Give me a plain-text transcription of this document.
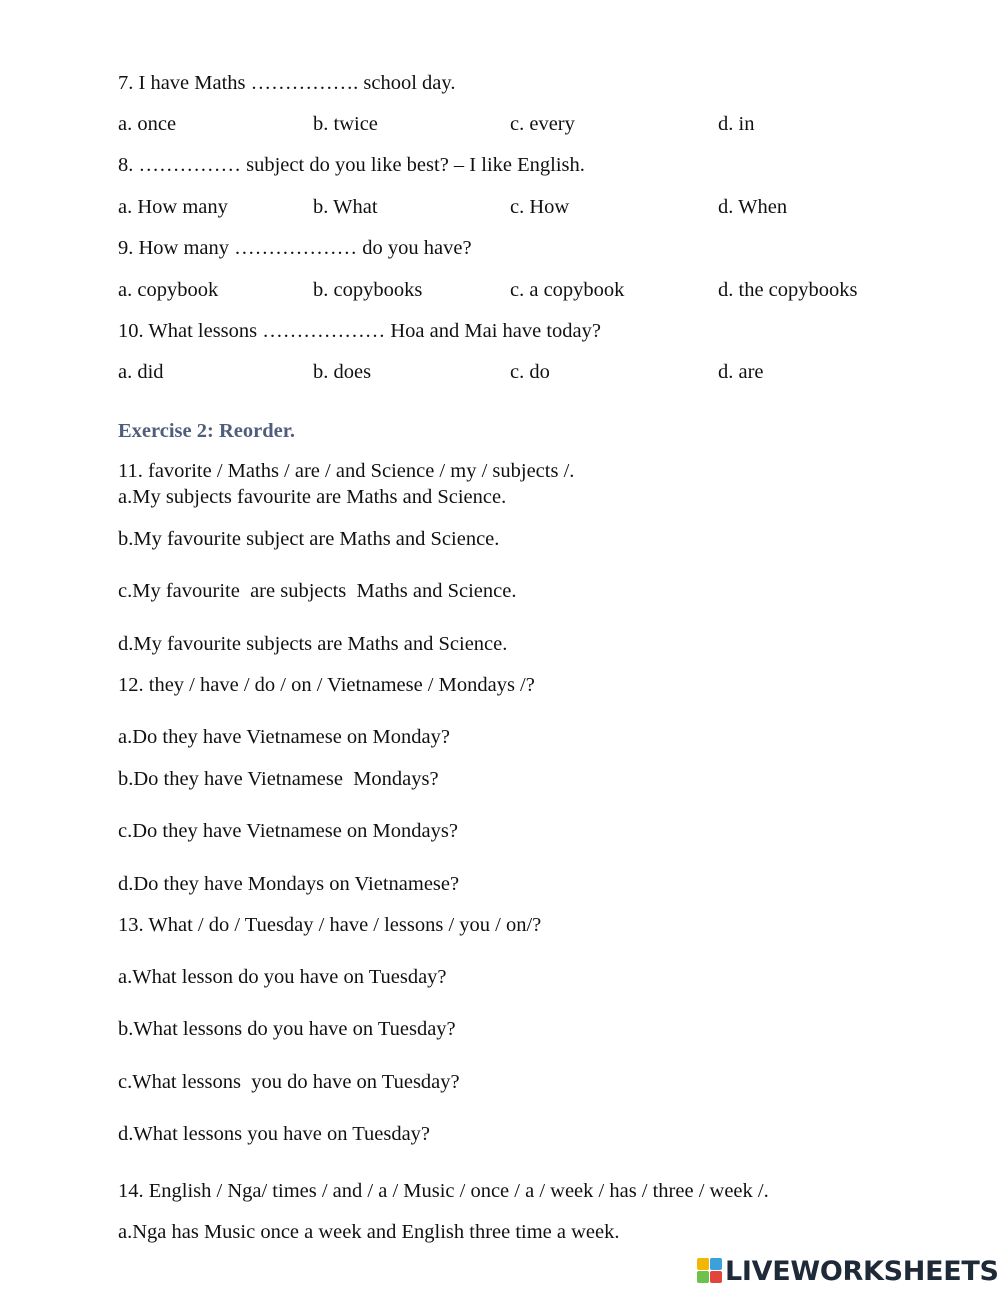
7. I have Maths ……………. school day.
a. once	b. twice	c. every	d. in
8. …………… subject do you like best? – I like English.
a. How many	b. What	c. How	d. When
9. How many ……………… do you have?
a. copybook	b. copybooks	c. a copybook	d. the copybooks
10. What lessons ……………… Hoa and Mai have today?
a. did	b. does	c. do	d. are
Exercise 2: Reorder.
11. favorite / Maths / are / and Science / my / subjects /.
a.My subjects favourite are Maths and Science.
b.My favourite subject are Maths and Science.
c.My favourite  are subjects  Maths and Science.
d.My favourite subjects are Maths and Science.
12. they / have / do / on / Vietnamese / Mondays /?
a.Do they have Vietnamese on Monday?
b.Do they have Vietnamese  Mondays?
c.Do they have Vietnamese on Mondays?
d.Do they have Mondays on Vietnamese?
13. What / do / Tuesday / have / lessons / you / on/?
a.What lesson do you have on Tuesday?
b.What lessons do you have on Tuesday?
c.What lessons  you do have on Tuesday?
d.What lessons you have on Tuesday?
14. English / Nga/ times / and / a / Music / once / a / week / has / three / week /.
a.Nga has Music once a week and English three time a week.
LIVEWORKSHEETS
